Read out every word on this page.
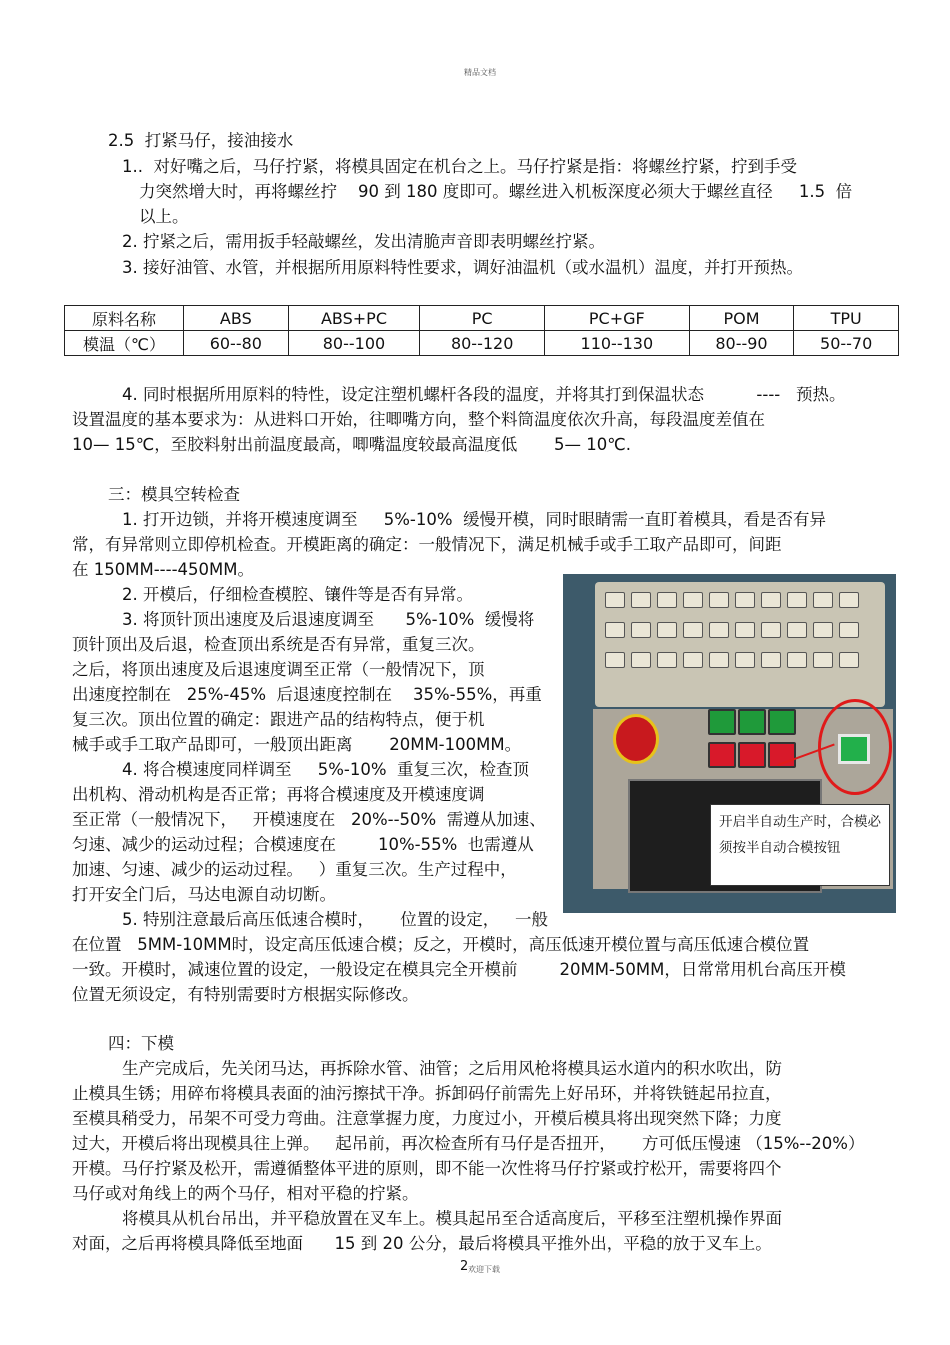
精品文档
2.5  打紧马仔，接油接水
1..  对好嘴之后，马仔拧紧，将模具固定在机台之上。马仔拧紧是指：将螺丝拧紧，拧到手受
力突然增大时，再将螺丝拧    90 到 180 度即可。螺丝进入机板深度必须大于螺丝直径     1.5  倍
以上。
2. 拧紧之后，需用扳手轻敲螺丝，发出清脆声音即表明螺丝拧紧。
3. 接好油管、水管，并根据所用原料特性要求，调好油温机（或水温机）温度，并打开预热。
原料名称	ABS	ABS+PC	PC	PC+GF	POM	TPU
模温（℃）	60--80	80--100	80--120	110--130	80--90	50--70
4. 同时根据所用原料的特性，设定注塑机螺杆各段的温度，并将其打到保温状态          ----   预热。
设置温度的基本要求为：从进料口开始，往唧嘴方向，整个料筒温度依次升高，每段温度差值在
10— 15℃，至胶料射出前温度最高，唧嘴温度较最高温度低       5— 10℃.
三：模具空转检查
1. 打开边锁，并将开模速度调至     5%-10%  缓慢开模，同时眼睛需一直盯着模具，看是否有异
常，有异常则立即停机检查。开模距离的确定：一般情况下，满足机械手或手工取产品即可，间距
在 150MM----450MM。
2. 开模后，仔细检查模腔、镶件等是否有异常。
3. 将顶针顶出速度及后退速度调至      5%-10%  缓慢将
顶针顶出及后退，检查顶出系统是否有异常，重复三次。
之后，将顶出速度及后退速度调至正常（一般情况下，顶
出速度控制在   25%-45%  后退速度控制在    35%-55%，再重
复三次。顶出位置的确定：跟进产品的结构特点，便于机
械手或手工取产品即可，一般顶出距离       20MM-100MM。
4. 将合模速度同样调至     5%-10%  重复三次，检查顶
出机构、滑动机构是否正常；再将合模速度及开模速度调
至正常（一般情况下，   开模速度在   20%--50%  需遵从加速、
匀速、减少的运动过程；合模速度在        10%-55%  也需遵从
加速、匀速、减少的运动过程。   ）重复三次。生产过程中，
打开安全门后，马达电源自动切断。
5. 特别注意最后高压低速合模时，     位置的设定，   一般
在位置   5MM-10MM时，设定高压低速合模；反之，开模时，高压低速开模位置与高压低速合模位置
一致。开模时，减速位置的设定，一般设定在模具完全开模前        20MM-50MM，日常常用机台高压开模
位置无须设定，有特别需要时方根据实际修改。
开启半自动生产时，合模必须按半自动合模按钮
四：下模
生产完成后，先关闭马达，再拆除水管、油管；之后用风枪将模具运水道内的积水吹出，防
止模具生锈；用碎布将模具表面的油污擦拭干净。拆卸码仔前需先上好吊环，并将铁链起吊拉直，
至模具稍受力，吊架不可受力弯曲。注意掌握力度，力度过小，开模后模具将出现突然下降；力度
过大，开模后将出现模具往上弹。   起吊前，再次检查所有马仔是否扭开，     方可低压慢速 （15%--20%）
开模。马仔拧紧及松开，需遵循整体平进的原则，即不能一次性将马仔拧紧或拧松开，需要将四个
马仔或对角线上的两个马仔，相对平稳的拧紧。
将模具从机台吊出，并平稳放置在叉车上。模具起吊至合适高度后，平移至注塑机操作界面
对面，之后再将模具降低至地面      15 到 20 公分，最后将模具平推外出，平稳的放于叉车上。
2 欢迎下载
